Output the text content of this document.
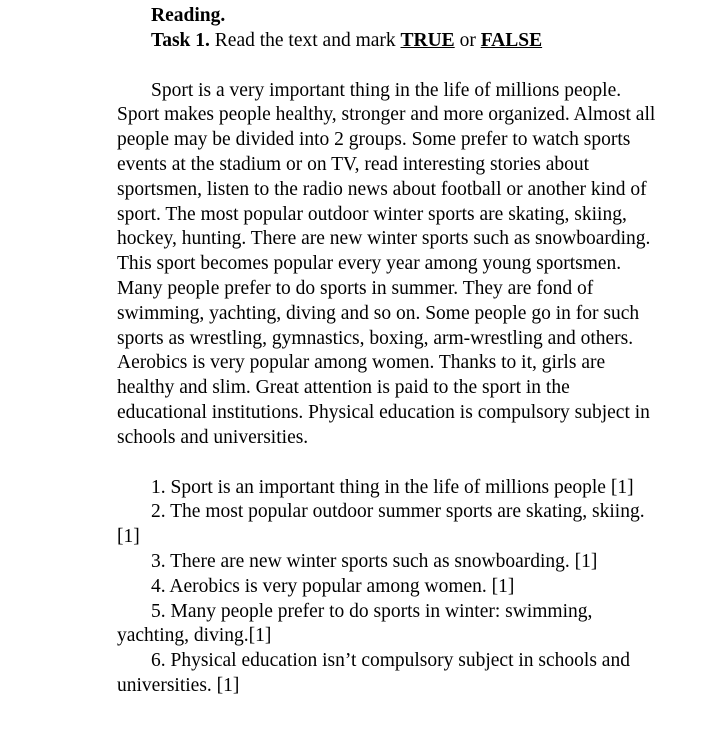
Reading.
Task 1. Read the text and mark TRUE or FALSE
Sport is a very important thing in the life of millions people. Sport makes people healthy, stronger and more organized. Almost all people may be divided into 2 groups. Some prefer to watch sports events at the stadium or on TV, read interesting stories about sportsmen, listen to the radio news about football or another kind of sport. The most popular outdoor winter sports are skating, skiing, hockey, hunting. There are new winter sports such as snowboarding. This sport becomes popular every year among young sportsmen. Many people prefer to do sports in summer. They are fond of swimming, yachting, diving and so on. Some people go in for such sports as wrestling, gymnastics, boxing, arm-wrestling and others. Aerobics is very popular among women. Thanks to it, girls are healthy and slim. Great attention is paid to the sport in the educational institutions. Physical education is compulsory subject in schools and universities.
1. Sport is an important thing in the life of millions people [1]
2. The most popular outdoor summer sports are skating, skiing. [1]
3. There are new winter sports such as snowboarding. [1]
4. Aerobics is very popular among women. [1]
5. Many people prefer to do sports in winter: swimming, yachting, diving.[1]
6. Physical education isn’t compulsory subject in schools and universities. [1]
